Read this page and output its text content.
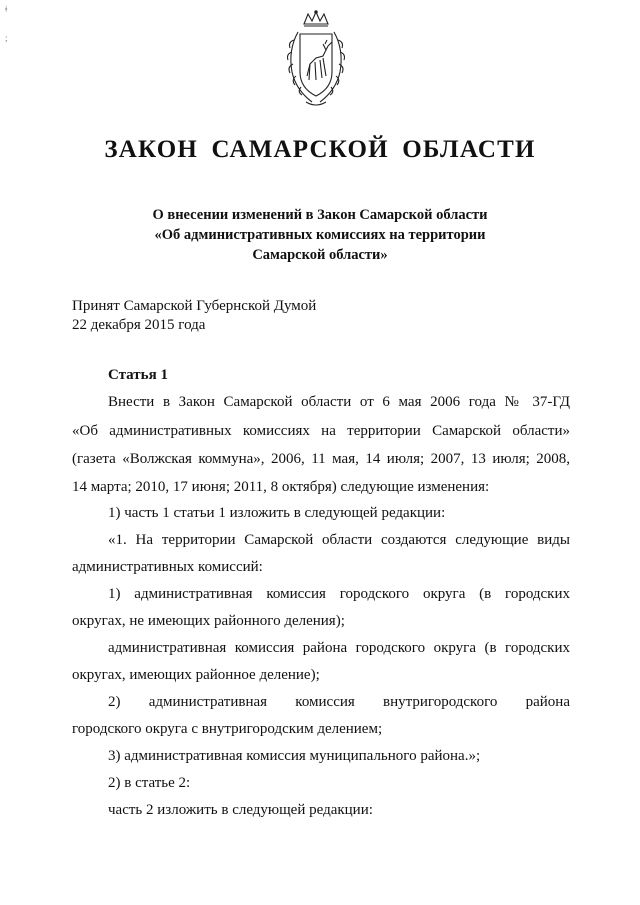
ǂ
;
ЗАКОН САМАРСКОЙ ОБЛАСТИ
О внесении изменений в Закон Самарской области
«Об административных комиссиях на территории
Самарской области»
Принят Самарской Губернской Думой
22 декабря 2015 года
Статья 1
Внести в Закон Самарской области от 6 мая 2006 года № 37-ГД
«Об административных комиссиях на территории Самарской области»
(газета «Волжская коммуна», 2006, 11 мая, 14 июля; 2007, 13 июля; 2008,
14 марта; 2010, 17 июня; 2011, 8 октября) следующие изменения:
1) часть 1 статьи 1 изложить в следующей редакции:
«1. На территории Самарской области создаются следующие виды
административных комиссий:
1) административная комиссия городского округа (в городских
округах, не имеющих районного деления);
административная комиссия района городского округа (в городских
округах, имеющих районное деление);
2) административная комиссия внутригородского района
городского округа с внутригородским делением;
3) административная комиссия муниципального района.»;
2) в статье 2:
часть 2 изложить в следующей редакции:
